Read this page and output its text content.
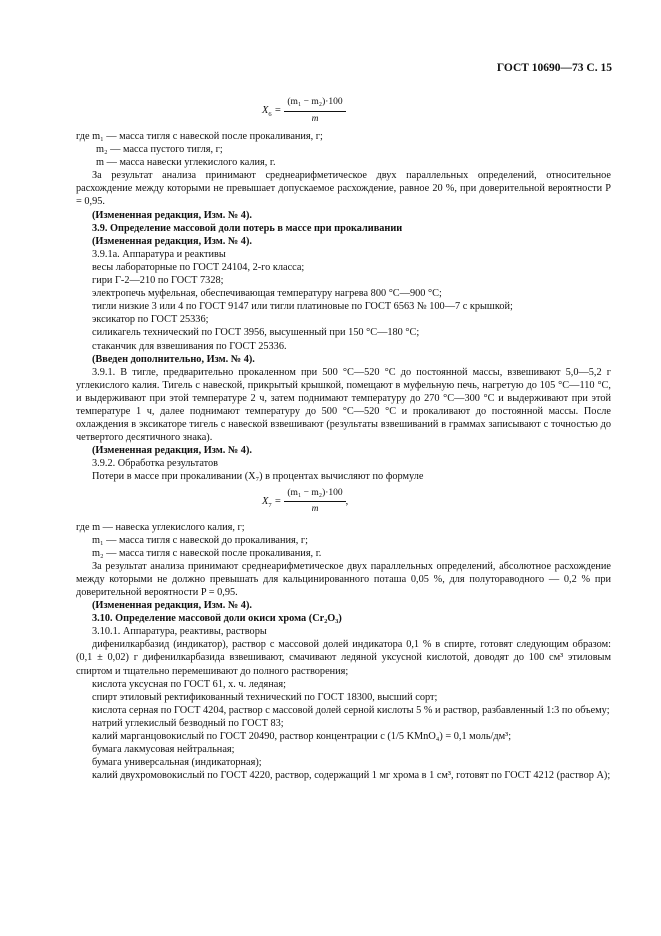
ГОСТ 10690—73 С. 15
$X_6 = \frac{\text{(m₁ − m₂)·100}}{m}$

где m₁ — масса тигля с навеской после прокаливания, г;

m₂ — масса пустого тигля, г;

m — масса навески углекислого калия, г.

За результат анализа принимают среднеарифметическое двух параллельных определений, относительное расхождение между которыми не превышает допускаемое расхождение, равное 20 %, при доверительной вероятности P = 0,95.

(Измененная редакция, Изм. № 4).

3.9. Определение массовой доли потерь в массе при прокаливании

(Измененная редакция, Изм. № 4).

3.9.1а. Аппаратура и реактивы

весы лабораторные по ГОСТ 24104, 2-го класса;

гири Г-2—210 по ГОСТ 7328;

электропечь муфельная, обеспечивающая температуру нагрева 800 °С—900 °С;

тигли низкие 3 или 4 по ГОСТ 9147 или тигли платиновые по ГОСТ 6563 № 100—7 с крышкой;

эксикатор по ГОСТ 25336;

силикагель технический по ГОСТ 3956, высушенный при 150 °С—180 °С;

стаканчик для взвешивания по ГОСТ 25336.

(Введен дополнительно, Изм. № 4).

3.9.1. В тигле, предварительно прокаленном при 500 °С—520 °С до постоянной массы, взвешивают 5,0—5,2 г углекислого калия. Тигель с навеской, прикрытый крышкой, помещают в муфельную печь, нагретую до 105 °С—110 °С, и выдерживают при этой температуре 2 ч, затем поднимают температуру до 270 °С—300 °С и выдерживают при этой температуре 1 ч, далее поднимают температуру до 500 °С—520 °С и прокаливают до постоянной массы. После охлаждения в эксикаторе тигель с навеской взвешивают (результаты взвешиваний в граммах записывают с точностью до четвертого десятичного знака).

(Измененная редакция, Изм. № 4).

3.9.2. Обработка результатов

Потери в массе при прокаливании (X₇) в процентах вычисляют по формуле

$X_7 = \frac{\text{(m₁ − m₂)·100}}{m}$ ,

где m — навеска углекислого калия, г;

m₁ — масса тигля с навеской до прокаливания, г;

m₂ — масса тигля с навеской после прокаливания, г.

За результат анализа принимают среднеарифметическое двух параллельных определений, абсолютное расхождение между которыми не должно превышать для кальцинированного поташа 0,05 %, для полутораводного — 0,2 % при доверительной вероятности P = 0,95.

(Измененная редакция, Изм. № 4).

3.10. Определение массовой доли окиси хрома (Cr₂O₃)

3.10.1. Аппаратура, реактивы, растворы

дифенилкарбазид (индикатор), раствор с массовой долей индикатора 0,1 % в спирте, готовят следующим образом: (0,1 ± 0,02) г дифенилкарбазида взвешивают, смачивают ледяной уксусной кислотой, доводят до 100 см³ этиловым спиртом и тщательно перемешивают до полного растворения;

кислота уксусная по ГОСТ 61, х. ч. ледяная;

спирт этиловый ректификованный технический по ГОСТ 18300, высший сорт;

кислота серная по ГОСТ 4204, раствор с массовой долей серной кислоты 5 % и раствор, разбавленный 1:3 по объему;

натрий углекислый безводный по ГОСТ 83;

калий марганцовокислый по ГОСТ 20490, раствор концентрации c (1/5 KMnO₄) = 0,1 моль/дм³;

бумага лакмусовая нейтральная;

бумага универсальная (индикаторная);

калий двухромовокислый по ГОСТ 4220, раствор, содержащий 1 мг хрома в 1 см³, готовят по ГОСТ 4212 (раствор А);
